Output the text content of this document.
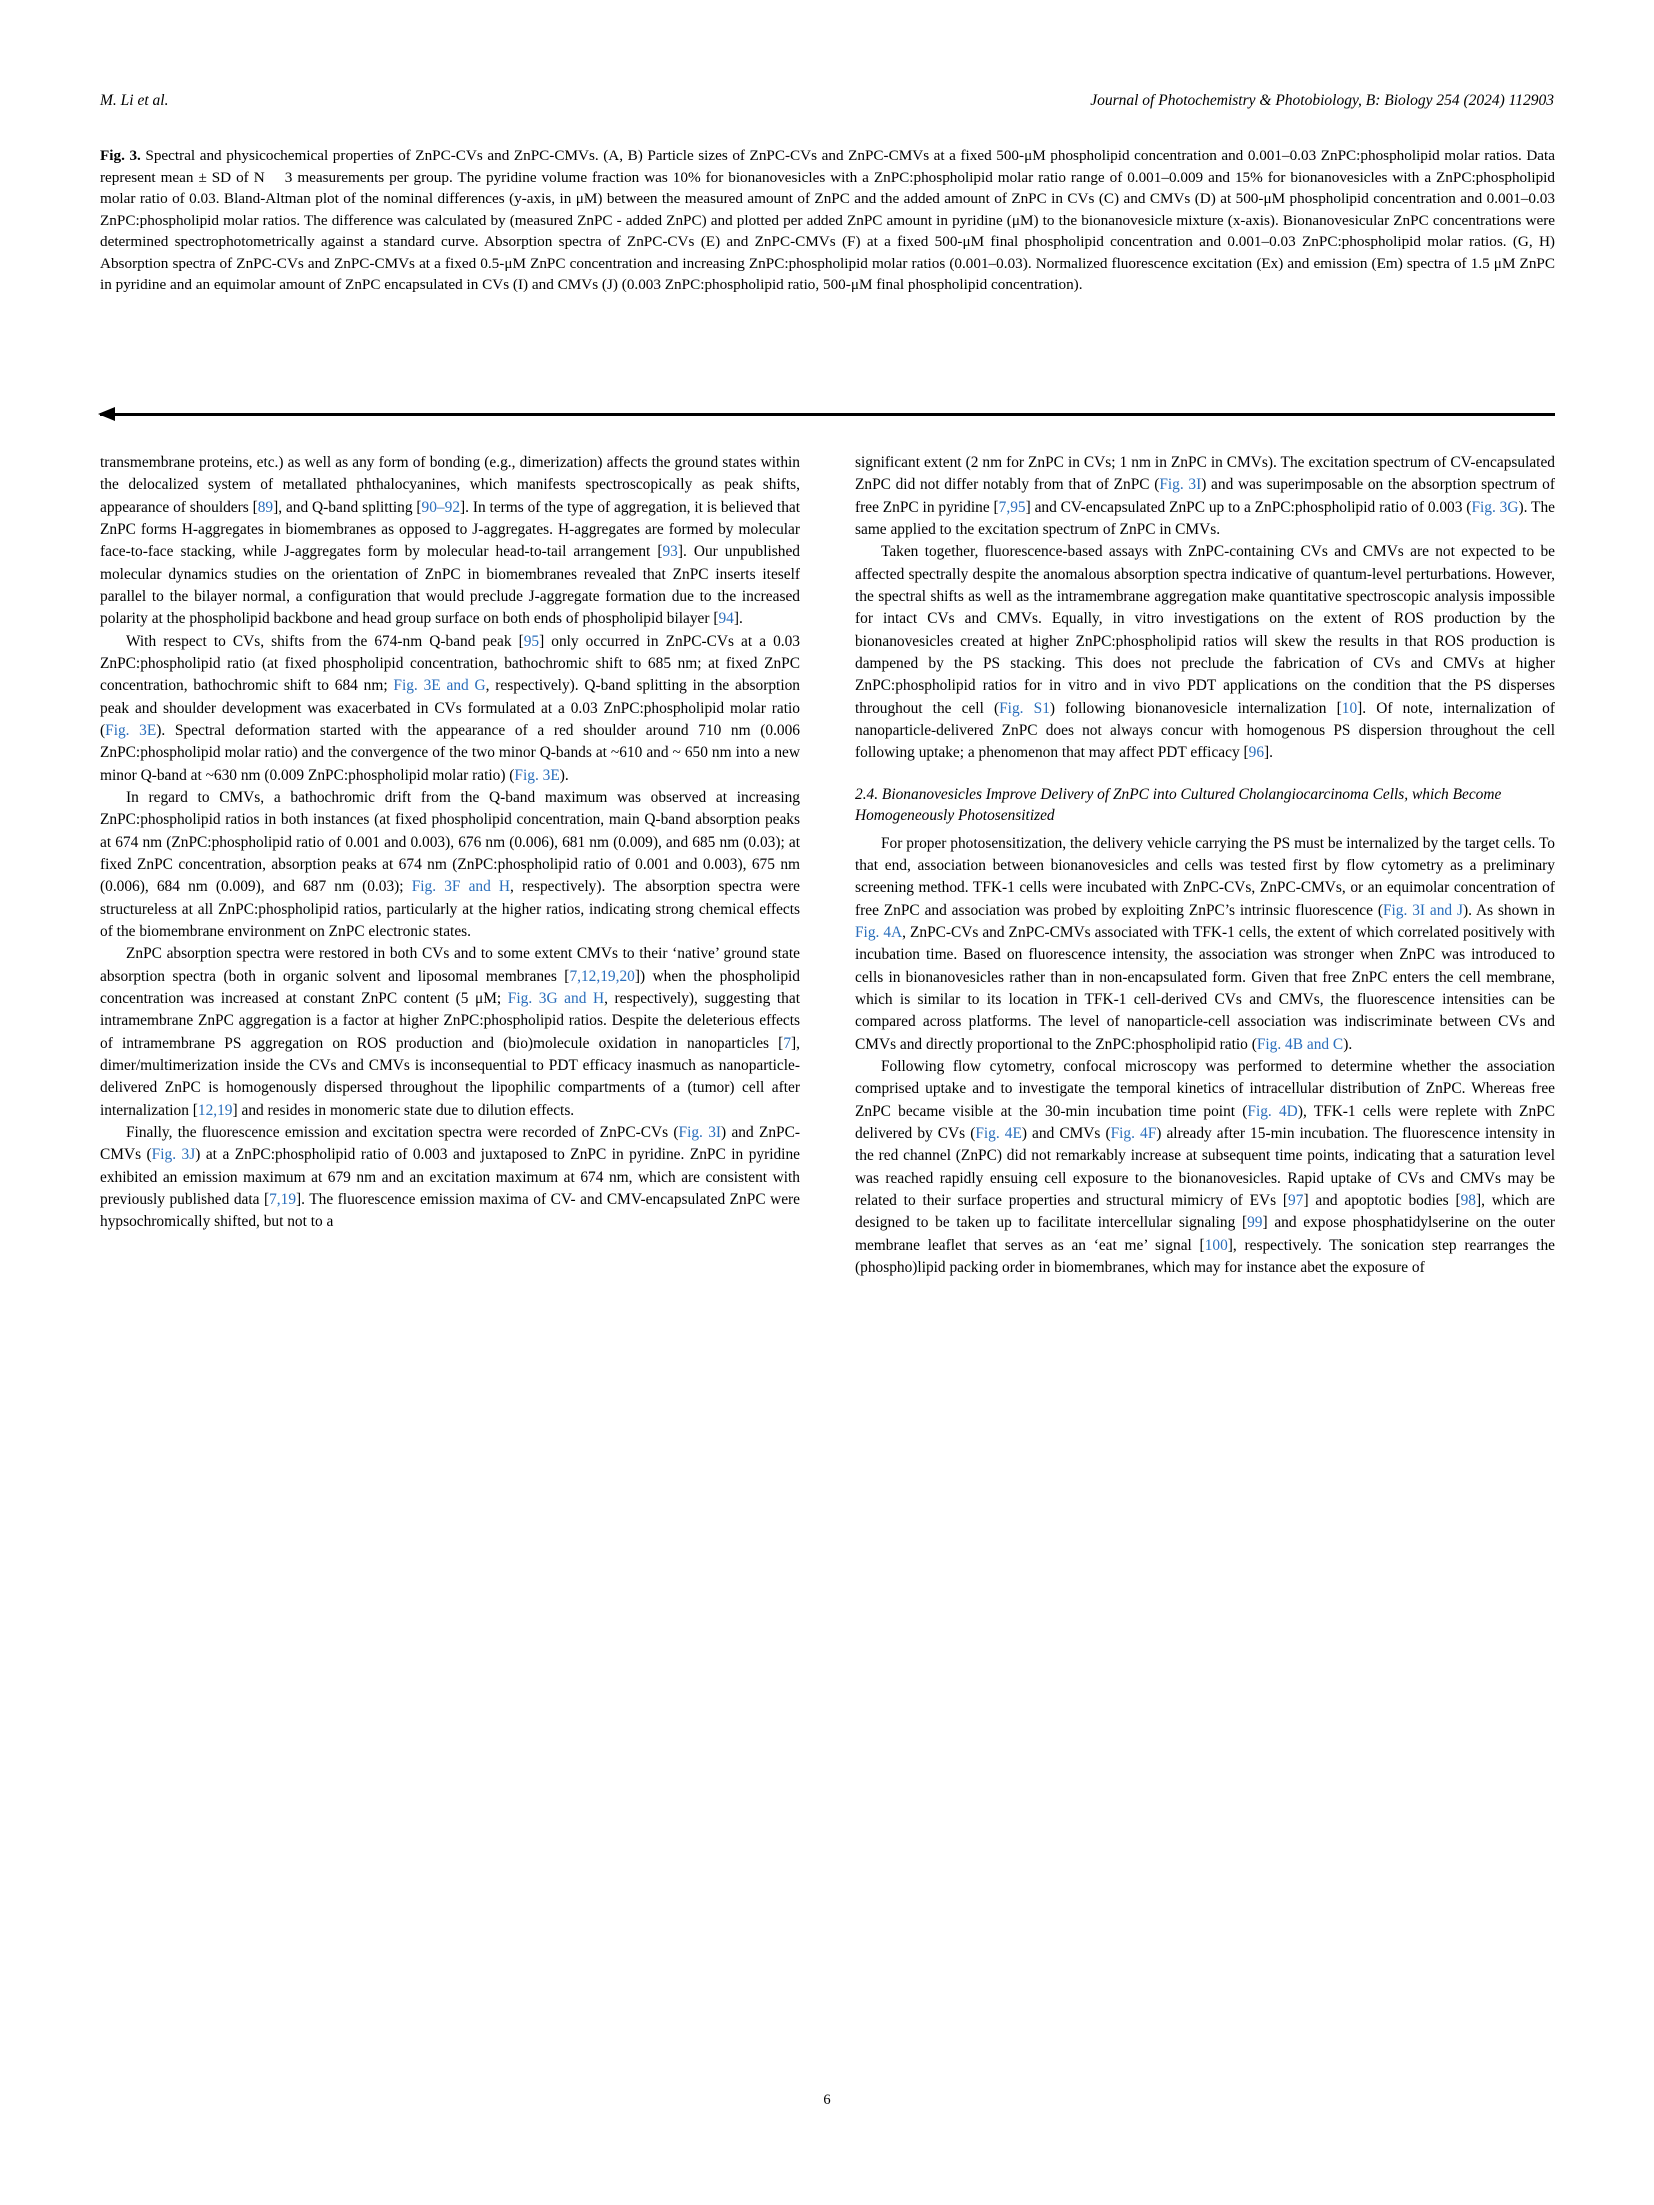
M. Li et al.	Journal of Photochemistry & Photobiology, B: Biology 254 (2024) 112903
Fig. 3. Spectral and physicochemical properties of ZnPC-CVs and ZnPC-CMVs. (A, B) Particle sizes of ZnPC-CVs and ZnPC-CMVs at a fixed 500-μM phospholipid concentration and 0.001–0.03 ZnPC:phospholipid molar ratios. Data represent mean ± SD of N  3 measurements per group. The pyridine volume fraction was 10% for bionanovesicles with a ZnPC:phospholipid molar ratio range of 0.001–0.009 and 15% for bionanovesicles with a ZnPC:phospholipid molar ratio of 0.03. Bland-Altman plot of the nominal differences (y-axis, in μM) between the measured amount of ZnPC and the added amount of ZnPC in CVs (C) and CMVs (D) at 500-μM phospholipid concentration and 0.001–0.03 ZnPC:phospholipid molar ratios. The difference was calculated by (measured ZnPC - added ZnPC) and plotted per added ZnPC amount in pyridine (μM) to the bionanovesicle mixture (x-axis). Bionanovesicular ZnPC concentrations were determined spectrophotometrically against a standard curve. Absorption spectra of ZnPC-CVs (E) and ZnPC-CMVs (F) at a fixed 500-μM final phospholipid concentration and 0.001–0.03 ZnPC:phospholipid molar ratios. (G, H) Absorption spectra of ZnPC-CVs and ZnPC-CMVs at a fixed 0.5-μM ZnPC concentration and increasing ZnPC:phospholipid molar ratios (0.001–0.03). Normalized fluorescence excitation (Ex) and emission (Em) spectra of 1.5 μM ZnPC in pyridine and an equimolar amount of ZnPC encapsulated in CVs (I) and CMVs (J) (0.003 ZnPC:phospholipid ratio, 500-μM final phospholipid concentration).

transmembrane proteins, etc.) as well as any form of bonding (e.g., dimerization) affects the ground states within the delocalized system of metallated phthalocyanines, which manifests spectroscopically as peak shifts, appearance of shoulders [89], and Q-band splitting [90–92]. In terms of the type of aggregation, it is believed that ZnPC forms H-aggregates in biomembranes as opposed to J-aggregates. H-aggregates are formed by molecular face-to-face stacking, while J-aggregates form by molecular head-to-tail arrangement [93]. Our unpublished molecular dynamics studies on the orientation of ZnPC in biomembranes revealed that ZnPC inserts iteself parallel to the bilayer normal, a configuration that would preclude J-aggregate formation due to the increased polarity at the phospholipid backbone and head group surface on both ends of phospholipid bilayer [94].

With respect to CVs, shifts from the 674-nm Q-band peak [95] only occurred in ZnPC-CVs at a 0.03 ZnPC:phospholipid ratio (at fixed phospholipid concentration, bathochromic shift to 685 nm; at fixed ZnPC concentration, bathochromic shift to 684 nm; Fig. 3E and G, respectively). Q-band splitting in the absorption peak and shoulder development was exacerbated in CVs formulated at a 0.03 ZnPC:phospholipid molar ratio (Fig. 3E). Spectral deformation started with the appearance of a red shoulder around 710 nm (0.006 ZnPC:phospholipid molar ratio) and the convergence of the two minor Q-bands at ~610 and ~ 650 nm into a new minor Q-band at ~630 nm (0.009 ZnPC:phospholipid molar ratio) (Fig. 3E).

In regard to CMVs, a bathochromic drift from the Q-band maximum was observed at increasing ZnPC:phospholipid ratios in both instances (at fixed phospholipid concentration, main Q-band absorption peaks at 674 nm (ZnPC:phospholipid ratio of 0.001 and 0.003), 676 nm (0.006), 681 nm (0.009), and 685 nm (0.03); at fixed ZnPC concentration, absorption peaks at 674 nm (ZnPC:phospholipid ratio of 0.001 and 0.003), 675 nm (0.006), 684 nm (0.009), and 687 nm (0.03); Fig. 3F and H, respectively). The absorption spectra were structureless at all ZnPC:phospholipid ratios, particularly at the higher ratios, indicating strong chemical effects of the biomembrane environment on ZnPC electronic states.

ZnPC absorption spectra were restored in both CVs and to some extent CMVs to their ‘native’ ground state absorption spectra (both in organic solvent and liposomal membranes [7,12,19,20]) when the phospholipid concentration was increased at constant ZnPC content (5 μM; Fig. 3G and H, respectively), suggesting that intramembrane ZnPC aggregation is a factor at higher ZnPC:phospholipid ratios. Despite the deleterious effects of intramembrane PS aggregation on ROS production and (bio)molecule oxidation in nanoparticles [7], dimer/multimerization inside the CVs and CMVs is inconsequential to PDT efficacy inasmuch as nanoparticle-delivered ZnPC is homogenously dispersed throughout the lipophilic compartments of a (tumor) cell after internalization [12,19] and resides in monomeric state due to dilution effects.

Finally, the fluorescence emission and excitation spectra were recorded of ZnPC-CVs (Fig. 3I) and ZnPC-CMVs (Fig. 3J) at a ZnPC:phospholipid ratio of 0.003 and juxtaposed to ZnPC in pyridine. ZnPC in pyridine exhibited an emission maximum at 679 nm and an excitation maximum at 674 nm, which are consistent with previously published data [7,19]. The fluorescence emission maxima of CV- and CMV-encapsulated ZnPC were hypsochromically shifted, but not to a

significant extent (2 nm for ZnPC in CVs; 1 nm in ZnPC in CMVs). The excitation spectrum of CV-encapsulated ZnPC did not differ notably from that of ZnPC (Fig. 3I) and was superimposable on the absorption spectrum of free ZnPC in pyridine [7,95] and CV-encapsulated ZnPC up to a ZnPC:phospholipid ratio of 0.003 (Fig. 3G). The same applied to the excitation spectrum of ZnPC in CMVs.

Taken together, fluorescence-based assays with ZnPC-containing CVs and CMVs are not expected to be affected spectrally despite the anomalous absorption spectra indicative of quantum-level perturbations. However, the spectral shifts as well as the intramembrane aggregation make quantitative spectroscopic analysis impossible for intact CVs and CMVs. Equally, in vitro investigations on the extent of ROS production by the bionanovesicles created at higher ZnPC:phospholipid ratios will skew the results in that ROS production is dampened by the PS stacking. This does not preclude the fabrication of CVs and CMVs at higher ZnPC:phospholipid ratios for in vitro and in vivo PDT applications on the condition that the PS disperses throughout the cell (Fig. S1) following bionanovesicle internalization [10]. Of note, internalization of nanoparticle-delivered ZnPC does not always concur with homogenous PS dispersion throughout the cell following uptake; a phenomenon that may affect PDT efficacy [96].

2.4. Bionanovesicles Improve Delivery of ZnPC into Cultured Cholangiocarcinoma Cells, which Become Homogeneously Photosensitized

For proper photosensitization, the delivery vehicle carrying the PS must be internalized by the target cells. To that end, association between bionanovesicles and cells was tested first by flow cytometry as a preliminary screening method. TFK-1 cells were incubated with ZnPC-CVs, ZnPC-CMVs, or an equimolar concentration of free ZnPC and association was probed by exploiting ZnPC’s intrinsic fluorescence (Fig. 3I and J). As shown in Fig. 4A, ZnPC-CVs and ZnPC-CMVs associated with TFK-1 cells, the extent of which correlated positively with incubation time. Based on fluorescence intensity, the association was stronger when ZnPC was introduced to cells in bionanovesicles rather than in non-encapsulated form. Given that free ZnPC enters the cell membrane, which is similar to its location in TFK-1 cell-derived CVs and CMVs, the fluorescence intensities can be compared across platforms. The level of nanoparticle-cell association was indiscriminate between CVs and CMVs and directly proportional to the ZnPC:phospholipid ratio (Fig. 4B and C).

Following flow cytometry, confocal microscopy was performed to determine whether the association comprised uptake and to investigate the temporal kinetics of intracellular distribution of ZnPC. Whereas free ZnPC became visible at the 30-min incubation time point (Fig. 4D), TFK-1 cells were replete with ZnPC delivered by CVs (Fig. 4E) and CMVs (Fig. 4F) already after 15-min incubation. The fluorescence intensity in the red channel (ZnPC) did not remarkably increase at subsequent time points, indicating that a saturation level was reached rapidly ensuing cell exposure to the bionanovesicles. Rapid uptake of CVs and CMVs may be related to their surface properties and structural mimicry of EVs [97] and apoptotic bodies [98], which are designed to be taken up to facilitate intercellular signaling [99] and expose phosphatidylserine on the outer membrane leaflet that serves as an ‘eat me’ signal [100], respectively. The sonication step rearranges the (phospho)lipid packing order in biomembranes, which may for instance abet the exposure of

6
